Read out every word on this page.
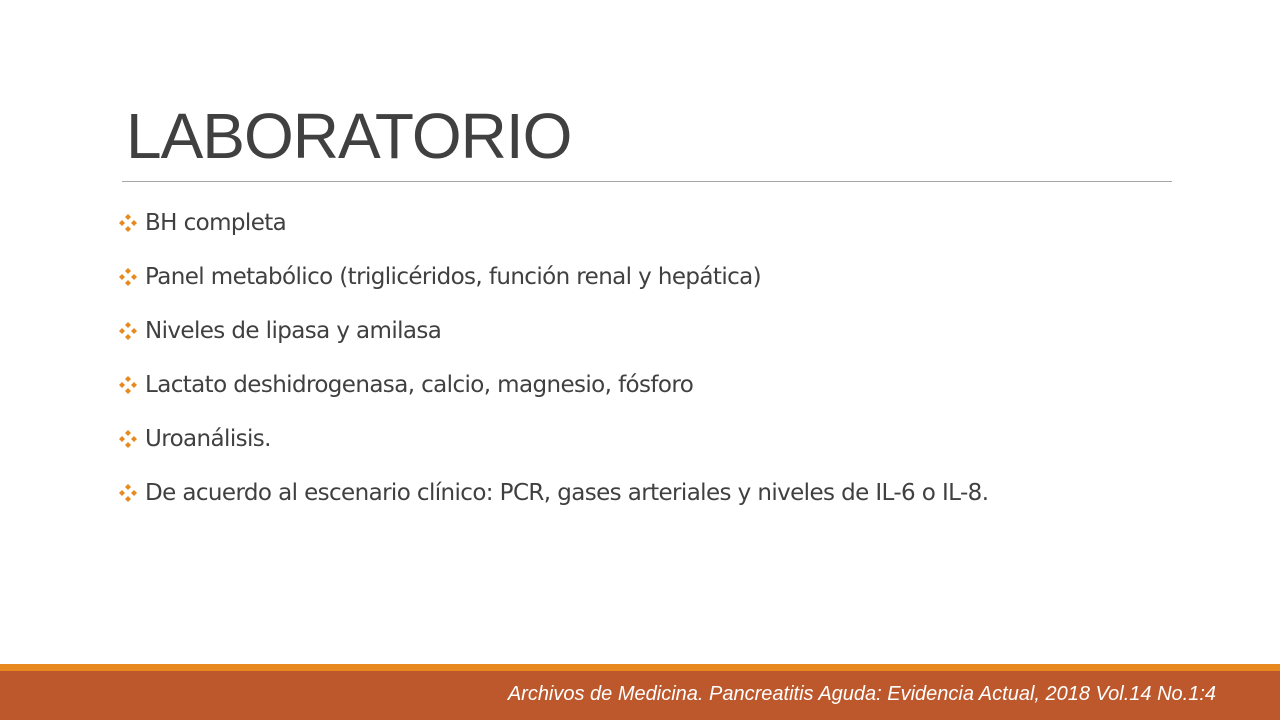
LABORATORIO
BH completa
Panel metabólico (triglicéridos, función renal y hepática)
Niveles de lipasa y amilasa
Lactato deshidrogenasa, calcio, magnesio, fósforo
Uroanálisis.
De acuerdo al escenario clínico: PCR, gases arteriales y niveles de IL-6 o IL-8.
Archivos de Medicina. Pancreatitis Aguda: Evidencia Actual, 2018 Vol.14 No.1:4
